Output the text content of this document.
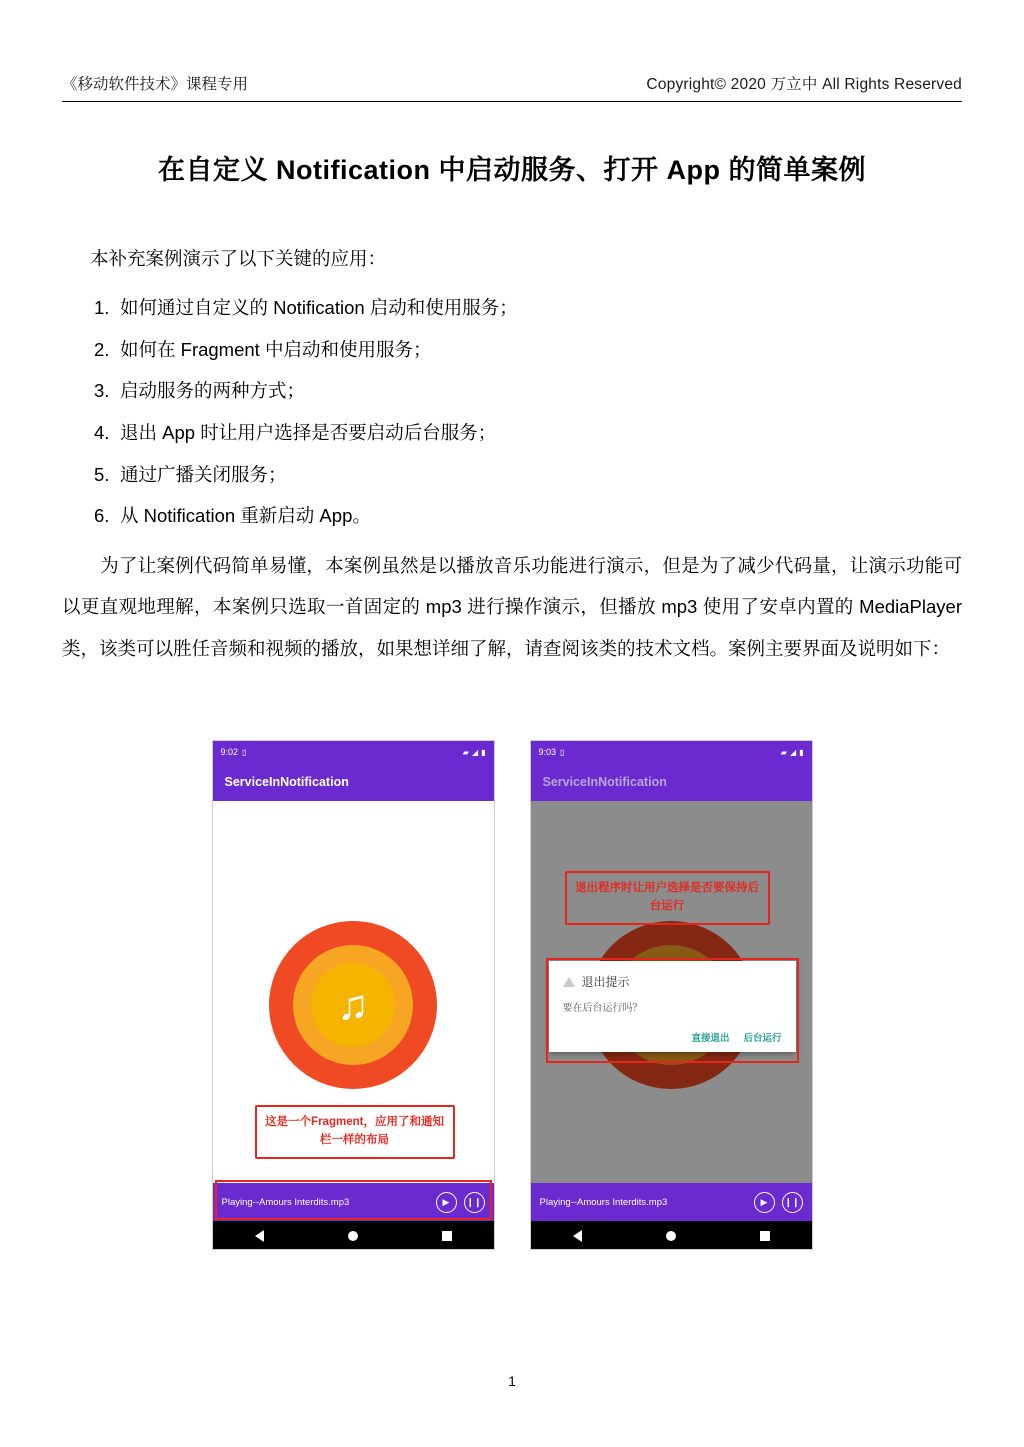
《移动软件技术》课程专用	Copyright© 2020 万立中 All Rights Reserved
在自定义 Notification 中启动服务、打开 App 的简单案例

本补充案例演示了以下关键的应用：

1. 如何通过自定义的 Notification 启动和使用服务；
2. 如何在 Fragment 中启动和使用服务；
3. 启动服务的两种方式；
4. 退出 App 时让用户选择是否要启动后台服务；
5. 通过广播关闭服务；
6. 从 Notification 重新启动 App。

为了让案例代码简单易懂，本案例虽然是以播放音乐功能进行演示，但是为了减少代码量，让演示功能可以更直观地理解，本案例只选取一首固定的 mp3 进行操作演示，但播放 mp3 使用了安卓内置的 MediaPlayer 类，该类可以胜任音频和视频的播放，如果想详细了解，请查阅该类的技术文档。案例主要界面及说明如下：

9:02 ▯	▰ ◢ ▮
ServiceInNotification
♫
这是一个Fragment，应用了和通知栏一样的布局
Playing--Amours Interdits.mp3	▶	❙❙
9:03 ▯	▰ ◢ ▮
ServiceInNotification
退出程序时让用户选择是否要保持后台运行
退出提示
要在后台运行吗？
直接退出 后台运行
Playing--Amours Interdits.mp3	▶	❙❙
1
